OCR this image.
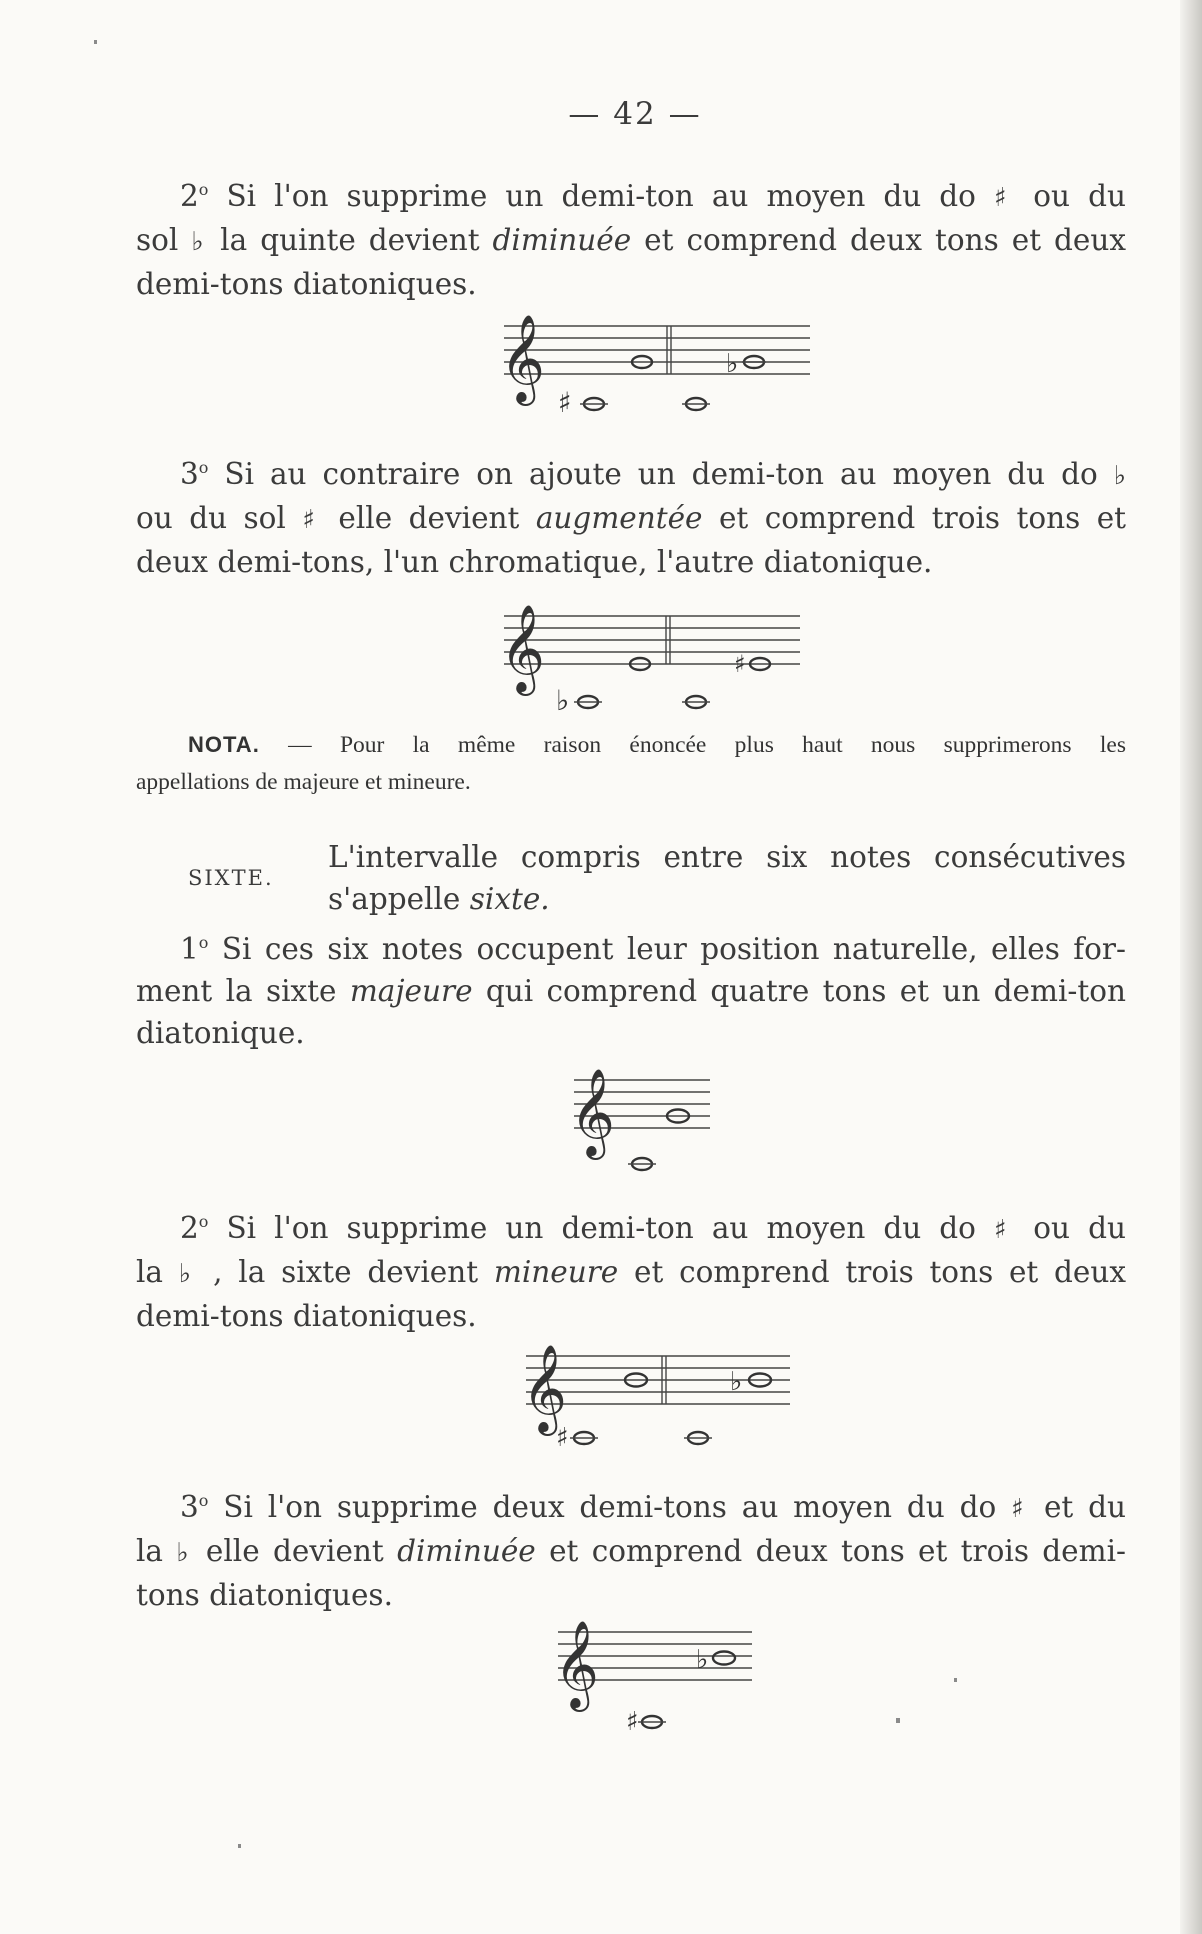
— 42 —
2$^o$ Si l'on supprime un demi-ton au moyen du do ♯ ou du
sol ♭ la quinte devient diminuée et comprend deux tons et deux
demi-tons diatoniques.
𝄞	♭
♯
3$^o$ Si au contraire on ajoute un demi-ton au moyen du do ♭
ou du sol ♯ elle devient augmentée et comprend trois tons et
deux demi-tons, l'un chromatique, l'autre diatonique.
𝄞	♯
♭
NOTA. — Pour la même raison énoncée plus haut nous supprimerons les
appellations de majeure et mineure.
SIXTE.
L'intervalle compris entre six notes consécutives
s'appelle sixte.
1$^o$ Si ces six notes occupent leur position naturelle, elles for-
ment la sixte majeure qui comprend quatre tons et un demi-ton
diatonique.
𝄞
2$^o$ Si l'on supprime un demi-ton au moyen du do ♯ ou du
la ♭ , la sixte devient mineure et comprend trois tons et deux
demi-tons diatoniques.
𝄞	♭
♯
3$^o$ Si l'on supprime deux demi-tons au moyen du do ♯ et du
la ♭ elle devient diminuée et comprend deux tons et trois demi-
tons diatoniques.
𝄞	♭
♯
